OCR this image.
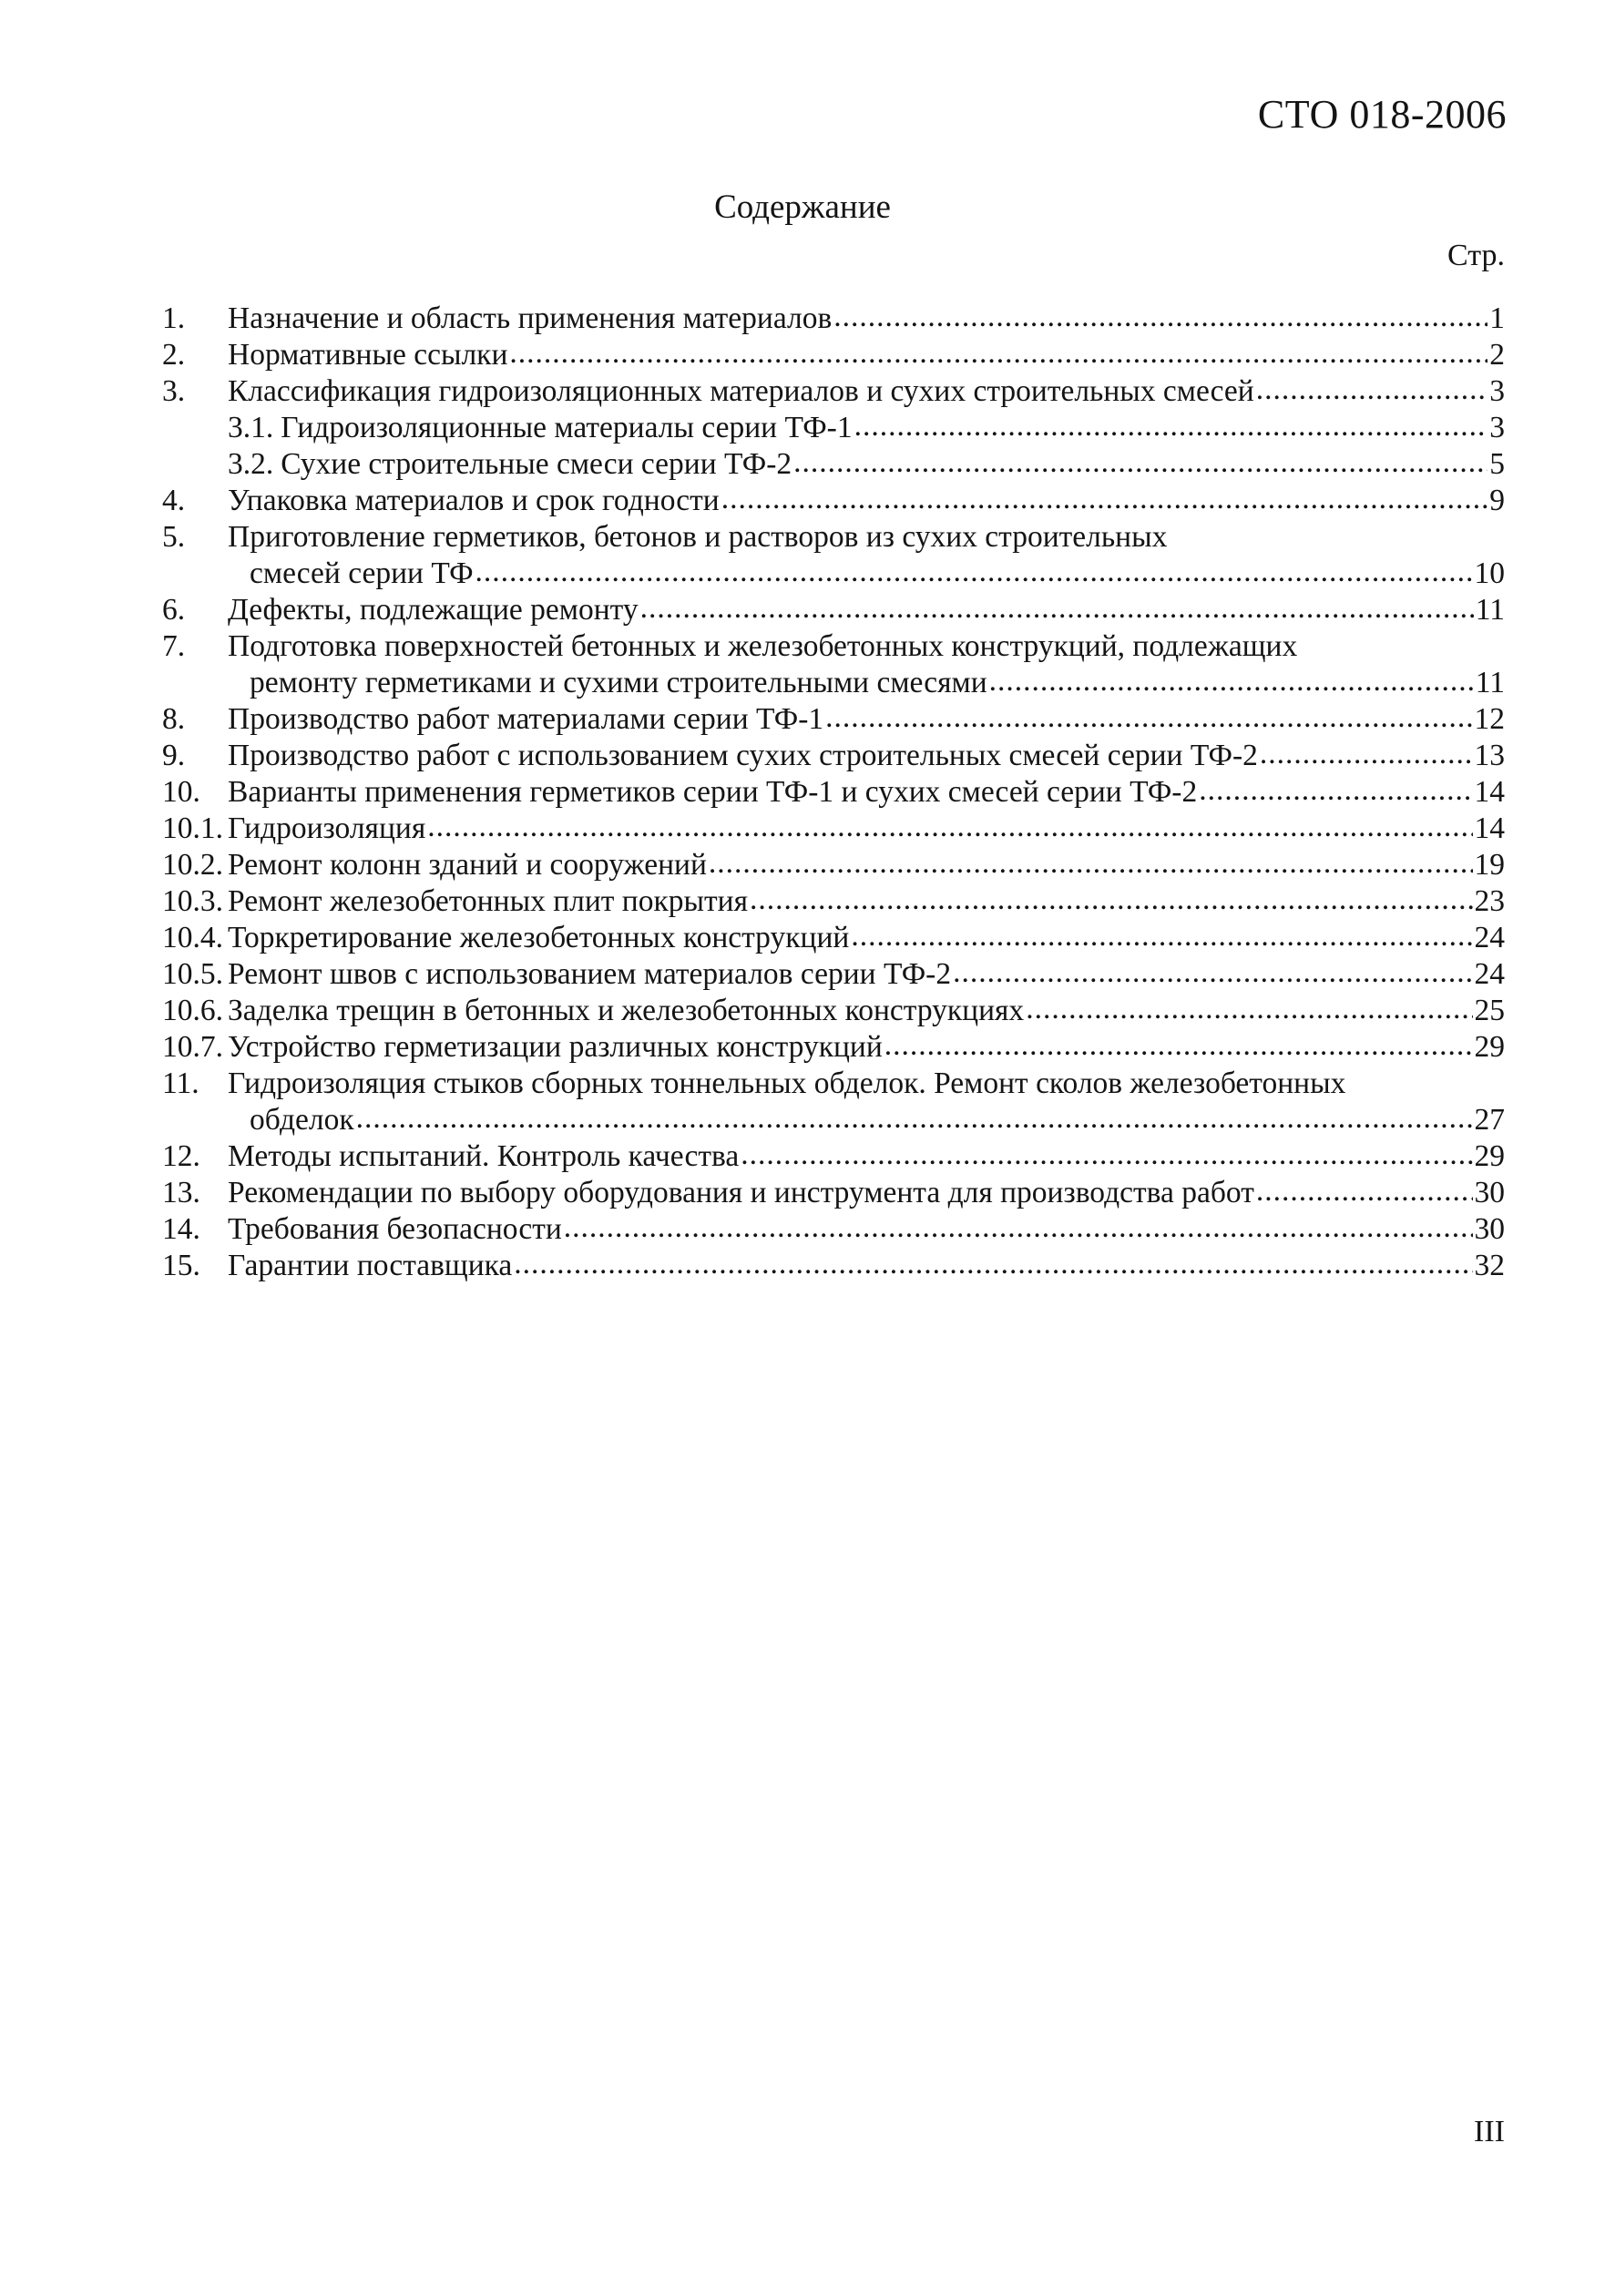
СТО 018-2006
Содержание
Стр.
1.	Назначение и область применения материалов .....	1
2.	Нормативные ссылки .....	2
3.	Классификация гидроизоляционных материалов и сухих строительных смесей .....	3
3.1. Гидроизоляционные материалы серии ТФ-1 .....	3
3.2. Сухие строительные смеси серии ТФ-2 .....	5
4.	Упаковка материалов и срок годности .....	9
5.	Приготовление герметиков, бетонов и растворов из сухих строительных
смесей серии ТФ .....	10
6.	Дефекты, подлежащие ремонту .....	11
7.	Подготовка поверхностей бетонных и железобетонных конструкций, подлежащих
ремонту герметиками и сухими строительными смесями .....	11
8.	Производство работ материалами серии ТФ-1 .....	12
9.	Производство работ с использованием сухих строительных смесей серии ТФ-2 .....	13
10. Варианты применения герметиков серии ТФ-1 и сухих смесей серии ТФ-2 .....	14
10.1. Гидроизоляция .....	14
10.2. Ремонт колонн зданий и сооружений .....	19
10.3. Ремонт железобетонных плит покрытия .....	23
10.4. Торкретирование железобетонных конструкций .....	24
10.5. Ремонт швов с использованием материалов серии ТФ-2 .....	24
10.6. Заделка трещин в бетонных и железобетонных конструкциях .....	25
10.7. Устройство герметизации различных конструкций .....	29
11. Гидроизоляция стыков сборных тоннельных обделок. Ремонт сколов железобетонных
обделок .....	27
12. Методы испытаний. Контроль качества .....	29
13. Рекомендации по выбору оборудования и инструмента для производства работ .....	30
14. Требования безопасности .....	30
15. Гарантии поставщика .....	32
III
